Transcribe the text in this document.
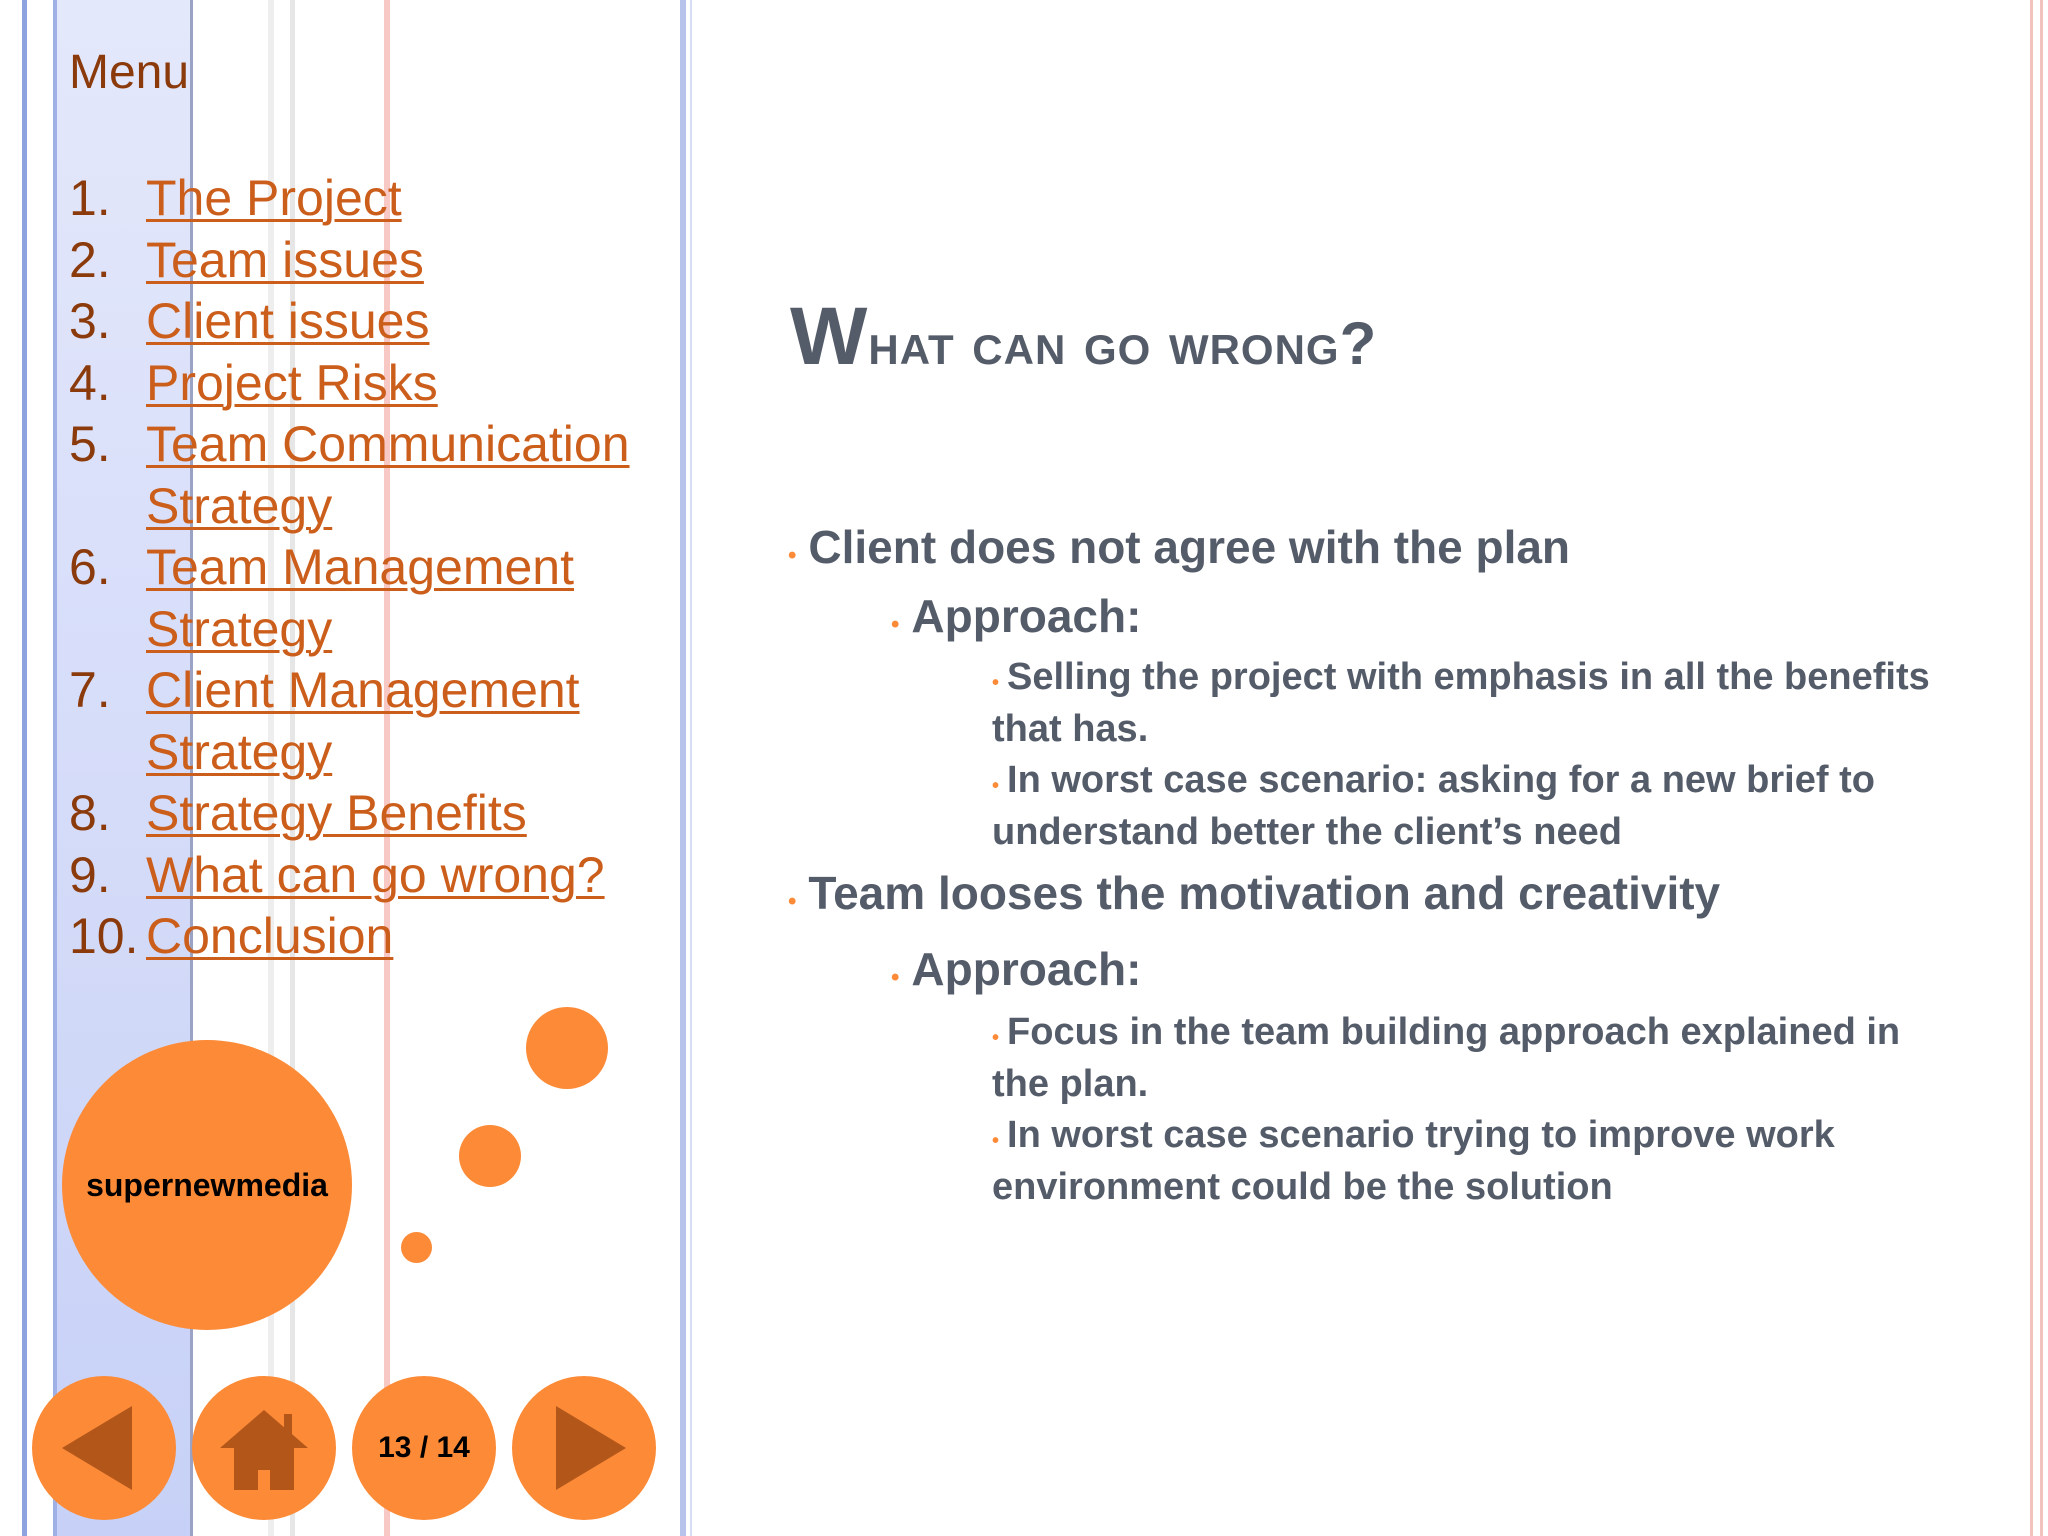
Menu
1. The Project
2. Team issues
3. Client issues
4. Project Risks
5. Team Communication Strategy
6. Team Management Strategy
7. Client Management Strategy
8. Strategy Benefits
9. What can go wrong?
10. Conclusion
supernewmedia
13 / 14
What can go wrong?
• Client does not agree with the plan
• Approach:
• Selling the project with emphasis in all the benefits that has.
• In worst case scenario: asking for a new brief to understand better the client’s need
• Team looses the motivation and creativity
• Approach:
• Focus in the team building approach explained in the plan.
• In worst case scenario trying to improve work environment could be the solution
